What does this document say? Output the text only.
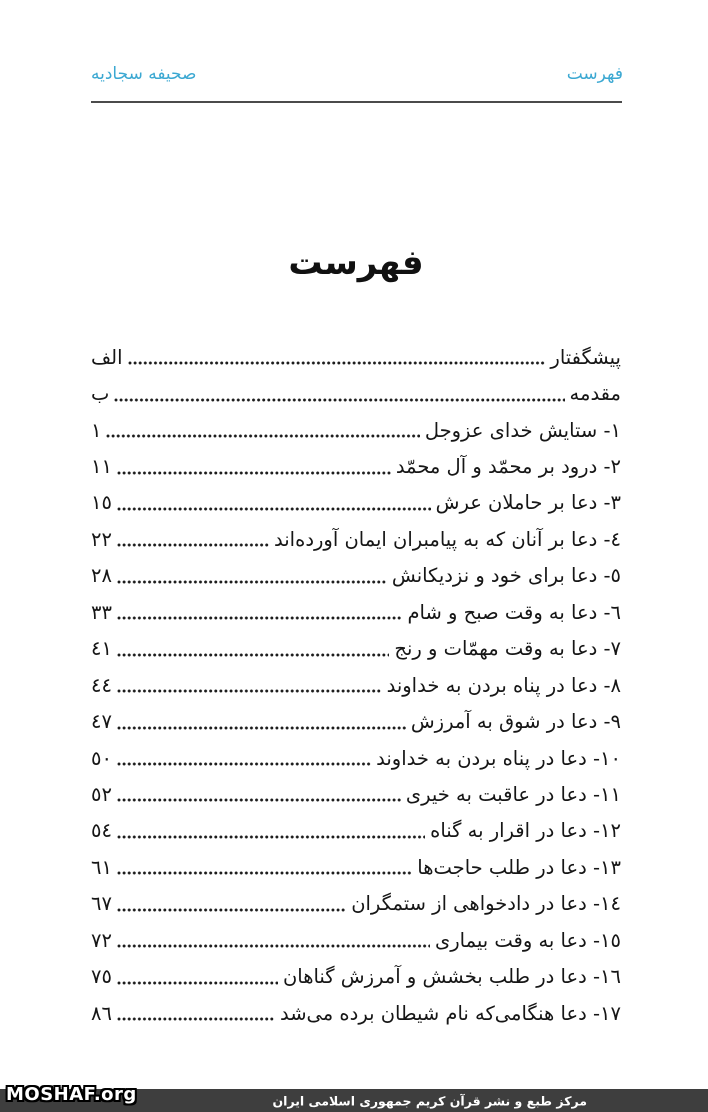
صحیفه سجادیه	فهرست
فهرست
پیشگفتار
الف
مقدمه
ب
١- ستایش خدای عزوجل
١
٢- درود بر محمّد و آل محمّد
١١
٣- دعا بر حاملان عرش
١٥
٤- دعا بر آنان که به پیامبران ایمان آورده‌اند
٢٢
٥- دعا برای خود و نزدیکانش
٢٨
٦- دعا به وقت صبح و شام
٣٣
٧- دعا به وقت مهمّات و رنج
٤١
٨- دعا در پناه بردن به خداوند
٤٤
٩- دعا در شوق به آمرزش
٤٧
١٠- دعا در پناه بردن به خداوند
٥٠
١١- دعا در عاقبت به خیری
٥٢
١٢- دعا در اقرار به گناه
٥٤
١٣- دعا در طلب حاجت‌ها
٦١
١٤- دعا در دادخواهی از ستمگران
٦٧
١٥- دعا به وقت بیماری
٧٢
١٦- دعا در طلب بخشش و آمرزش گناهان
٧٥
١٧- دعا هنگامی‌که نام شیطان برده می‌شد
٨٦
مرکز طبع و نشر قرآن کریم جمهوری اسلامی ایران
MOSHAF.org
